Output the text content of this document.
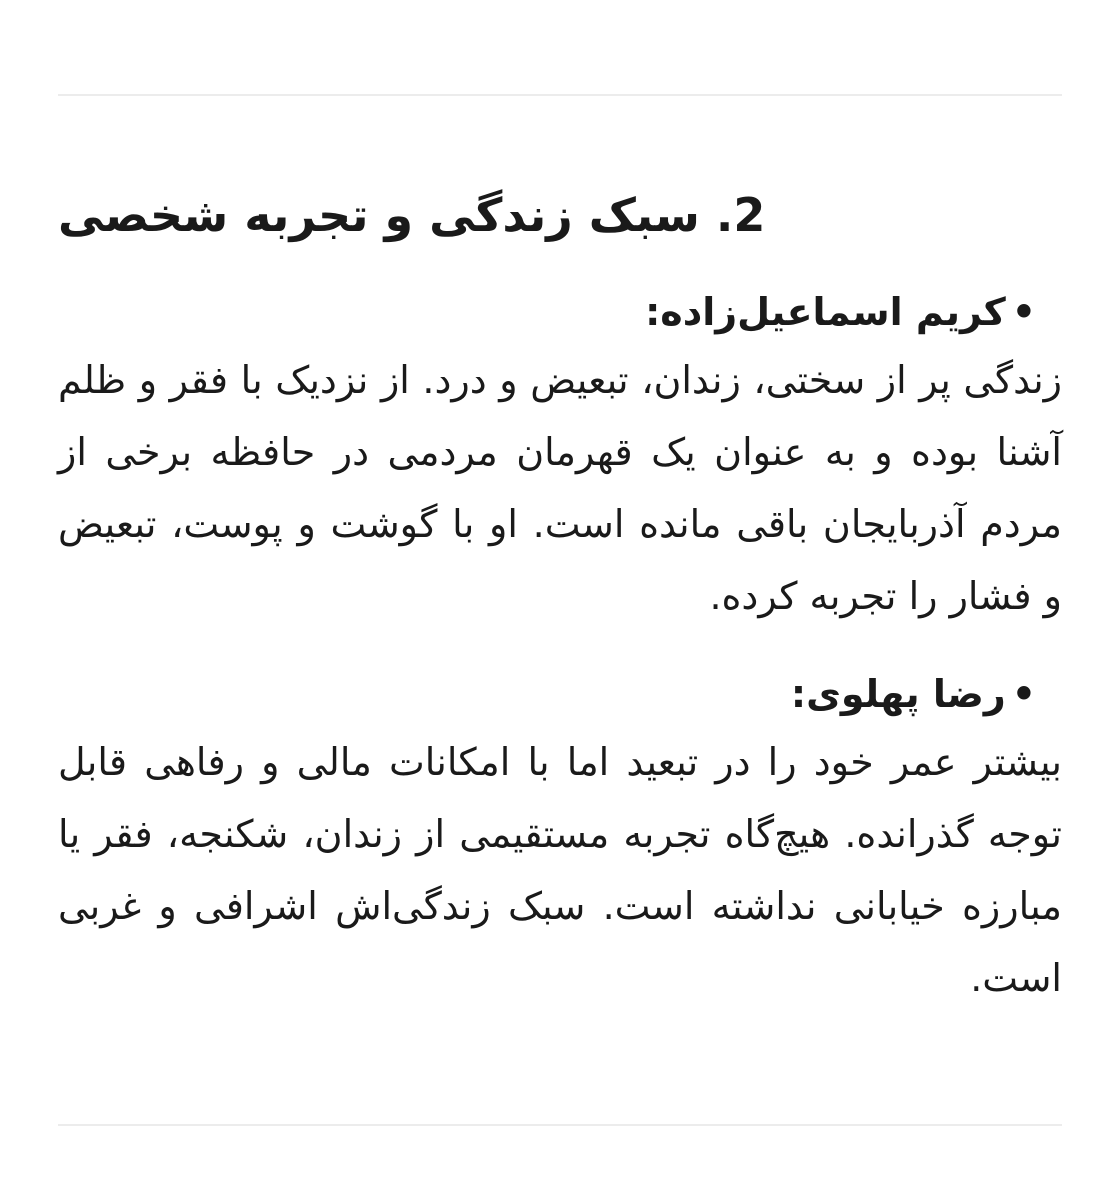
2. سبک زندگی و تجربه شخصی

•کریم اسماعیل‌زاده:

زندگی پر از سختی، زندان، تبعیض و درد. از نزدیک با فقر و ظلم آشنا بوده و به عنوان یک قهرمان مردمی در حافظه برخی از مردم آذربایجان باقی مانده است. او با گوشت و پوست، تبعیض و فشار را تجربه کرده.

•رضا پهلوی:

بیشتر عمر خود را در تبعید اما با امکانات مالی و رفاهی قابل توجه گذرانده. هیچ‌گاه تجربه مستقیمی از زندان، شکنجه، فقر یا مبارزه خیابانی نداشته است. سبک زندگی‌اش اشرافی و غربی است.
